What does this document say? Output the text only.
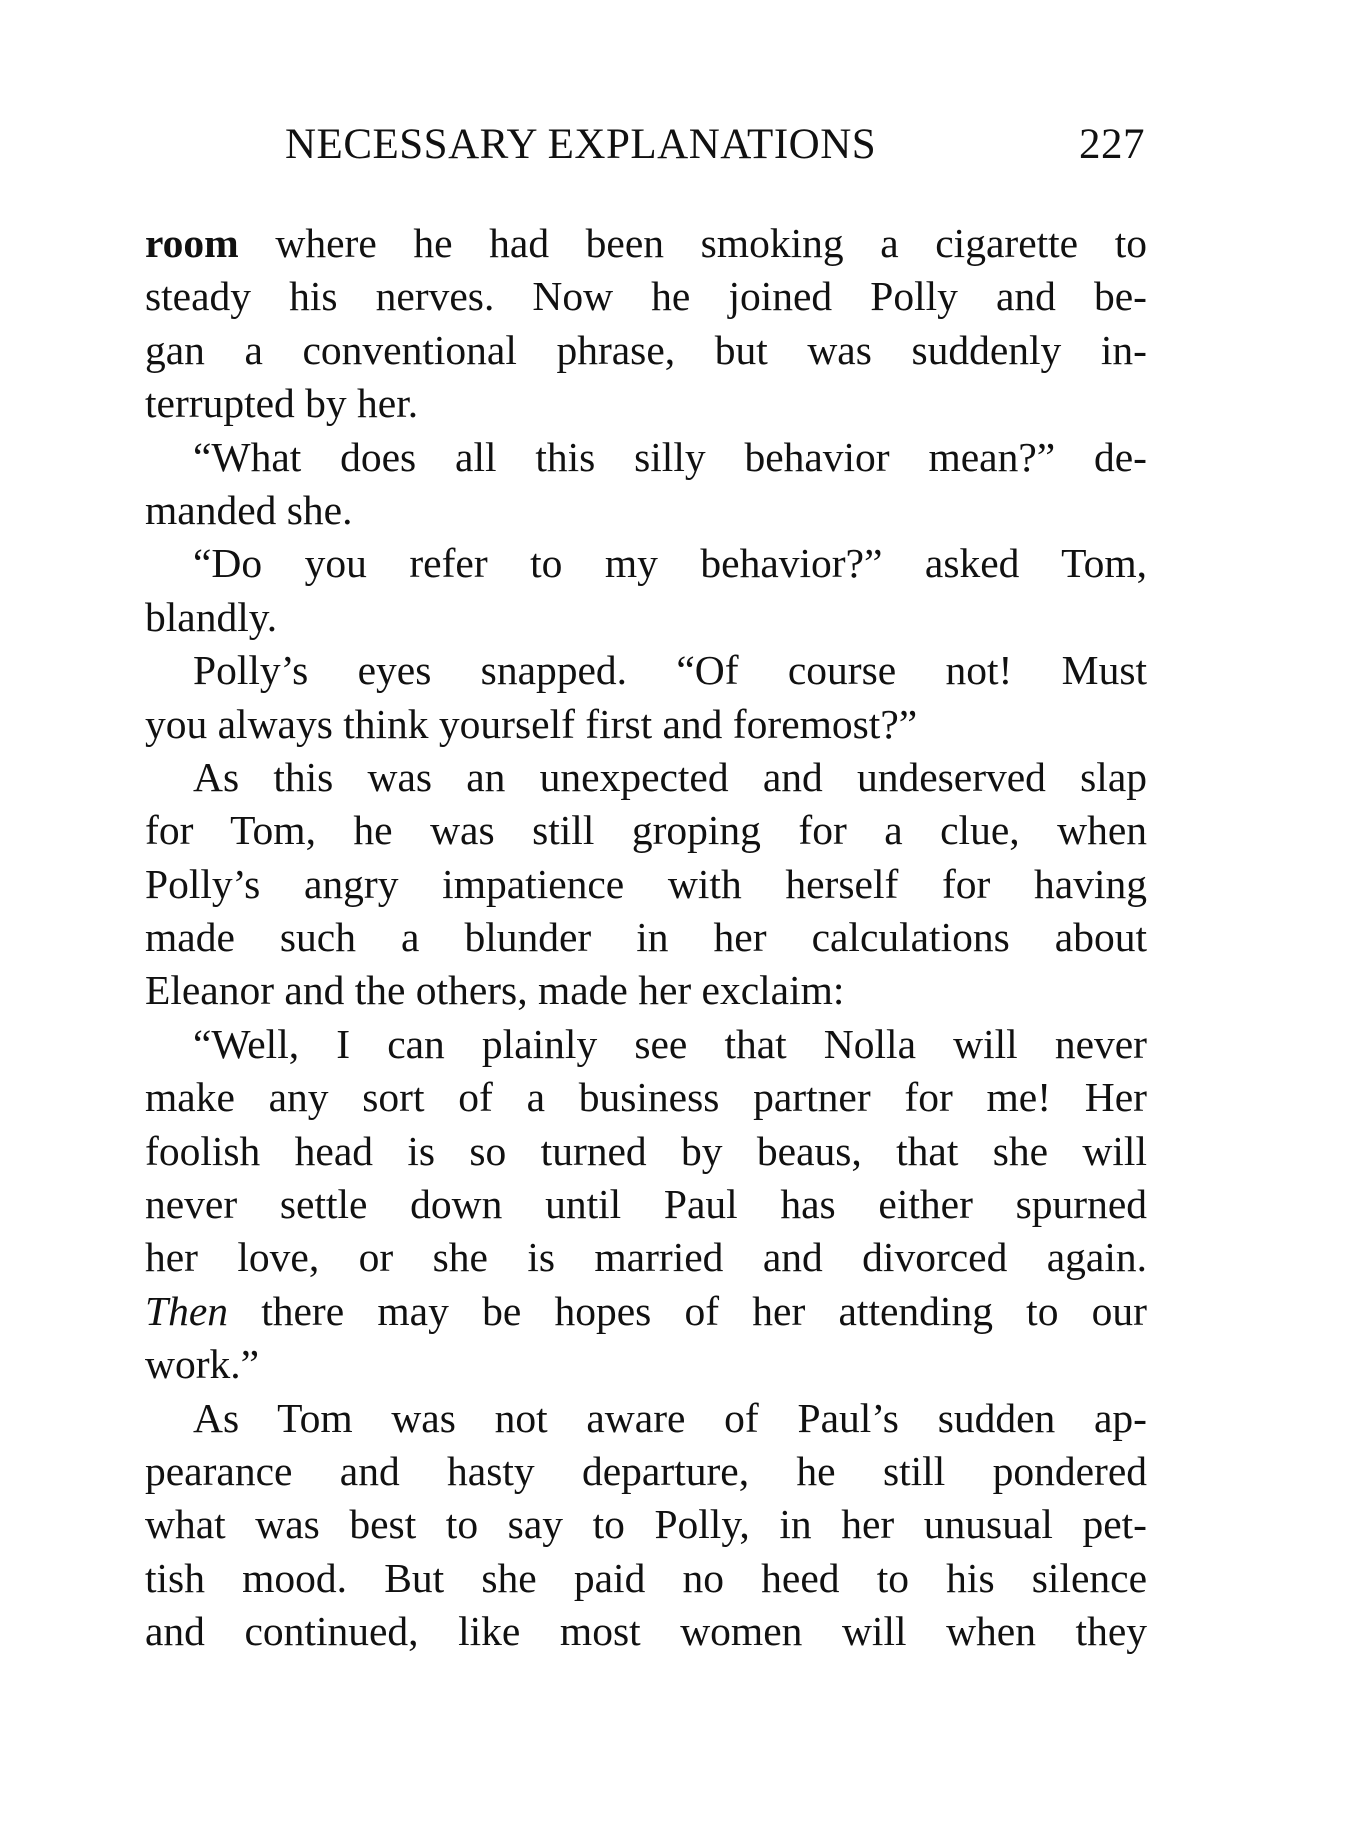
NECESSARY EXPLANATIONS	227
room where he had been smoking a cigarette to
steady his nerves. Now he joined Polly and be-
gan a conventional phrase, but was suddenly in-
terrupted by her.
“What does all this silly behavior mean?” de-
manded she.
“Do you refer to my behavior?” asked Tom,
blandly.
Polly’s eyes snapped. “Of course not! Must
you always think yourself first and foremost?”
As this was an unexpected and undeserved slap
for Tom, he was still groping for a clue, when
Polly’s angry impatience with herself for having
made such a blunder in her calculations about
Eleanor and the others, made her exclaim:
“Well, I can plainly see that Nolla will never
make any sort of a business partner for me! Her
foolish head is so turned by beaus, that she will
never settle down until Paul has either spurned
her love, or she is married and divorced again.
Then there may be hopes of her attending to our
work.”
As Tom was not aware of Paul’s sudden ap-
pearance and hasty departure, he still pondered
what was best to say to Polly, in her unusual pet-
tish mood. But she paid no heed to his silence
and continued, like most women will when they
